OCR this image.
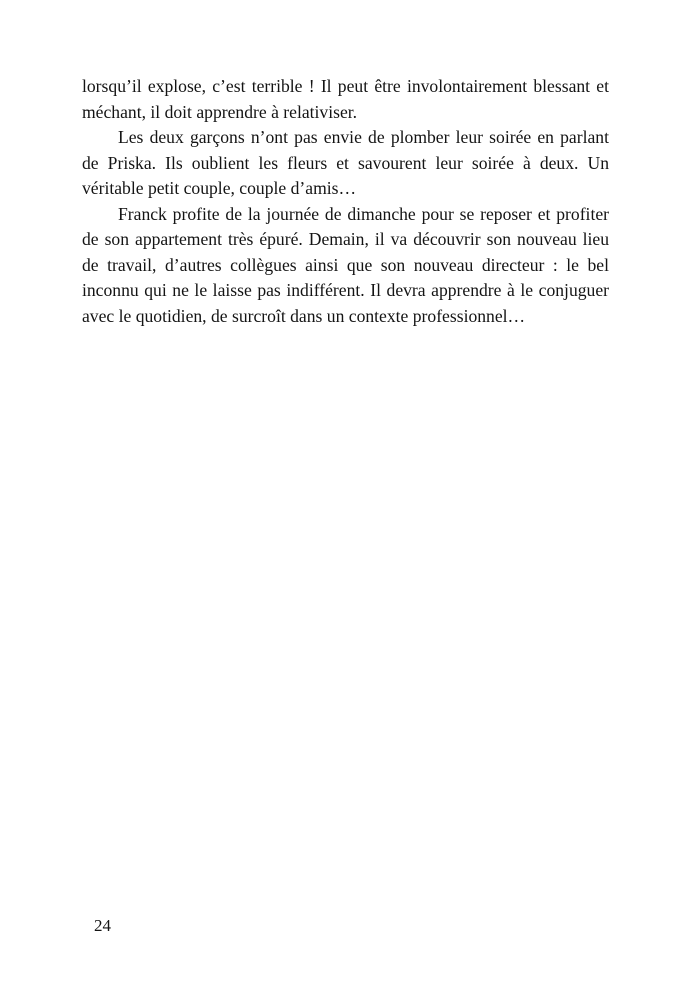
lorsqu’il explose, c’est terrible ! Il peut être involontairement blessant et méchant, il doit apprendre à relativiser.

Les deux garçons n’ont pas envie de plomber leur soirée en parlant de Priska. Ils oublient les fleurs et savourent leur soirée à deux. Un véritable petit couple, couple d’amis…

Franck profite de la journée de dimanche pour se reposer et profiter de son appartement très épuré. Demain, il va découvrir son nouveau lieu de travail, d’autres collègues ainsi que son nouveau directeur : le bel inconnu qui ne le laisse pas indifférent. Il devra apprendre à le conjuguer avec le quotidien, de surcroît dans un contexte professionnel…

24
